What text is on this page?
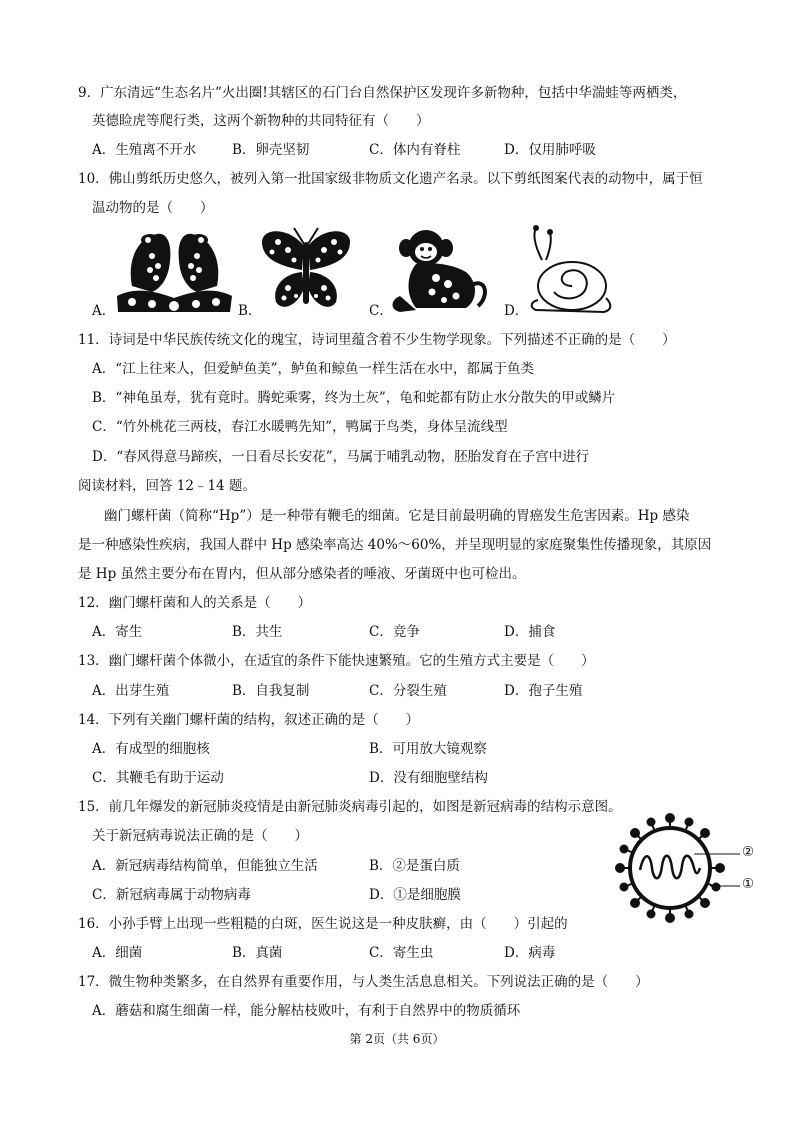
9．广东清远“生态名片”火出圈!其辖区的石门台自然保护区发现许多新物种，包括中华湍蛙等两栖类，
英德睑虎等爬行类，这两个新物种的共同特征有（　　）
A．生殖离不开水	B．卵壳坚韧	C．体内有脊柱	D．仅用肺呼吸
10．佛山剪纸历史悠久，被列入第一批国家级非物质文化遗产名录。以下剪纸图案代表的动物中，属于恒
温动物的是（　　）
A．	B．	C．	D．
11．诗词是中华民族传统文化的瑰宝，诗词里蕴含着不少生物学现象。下列描述不正确的是（　　）
A．“江上往来人，但爱鲈鱼美”，鲈鱼和鲸鱼一样生活在水中，都属于鱼类
B．“神龟虽寿，犹有竟时。腾蛇乘雾，终为土灰”，龟和蛇都有防止水分散失的甲或鳞片
C．“竹外桃花三两枝，春江水暖鸭先知”，鸭属于鸟类，身体呈流线型
D．“春风得意马蹄疾，一日看尽长安花”，马属于哺乳动物，胚胎发育在子宫中进行
阅读材料，回答 12﹣14 题。
幽门螺杆菌（简称“Hp”）是一种带有鞭毛的细菌。它是目前最明确的胃癌发生危害因素。Hp 感染
是一种感染性疾病，我国人群中 Hp 感染率高达 40%～60%，并呈现明显的家庭聚集性传播现象，其原因
是 Hp 虽然主要分布在胃内，但从部分感染者的唾液、牙菌斑中也可检出。
12．幽门螺杆菌和人的关系是（　　）
A．寄生	B．共生	C．竞争	D．捕食
13．幽门螺杆菌个体微小，在适宜的条件下能快速繁殖。它的生殖方式主要是（　　）
A．出芽生殖	B．自我复制	C．分裂生殖	D．孢子生殖
14．下列有关幽门螺杆菌的结构，叙述正确的是（　　）
A．有成型的细胞核	B．可用放大镜观察
C．其鞭毛有助于运动	D．没有细胞壁结构
15．前几年爆发的新冠肺炎疫情是由新冠肺炎病毒引起的，如图是新冠病毒的结构示意图。
关于新冠病毒说法正确的是（　　）
A．新冠病毒结构简单，但能独立生活	B．②是蛋白质
C．新冠病毒属于动物病毒	D．①是细胞膜
②
①
16．小孙手臂上出现一些粗糙的白斑，医生说这是一种皮肤癣，由（　　）引起的
A．细菌	B．真菌	C．寄生虫	D．病毒
17．微生物种类繁多，在自然界有重要作用，与人类生活息息相关。下列说法正确的是（　　）
A．蘑菇和腐生细菌一样，能分解枯枝败叶，有利于自然界中的物质循环
第 2页（共 6页）
